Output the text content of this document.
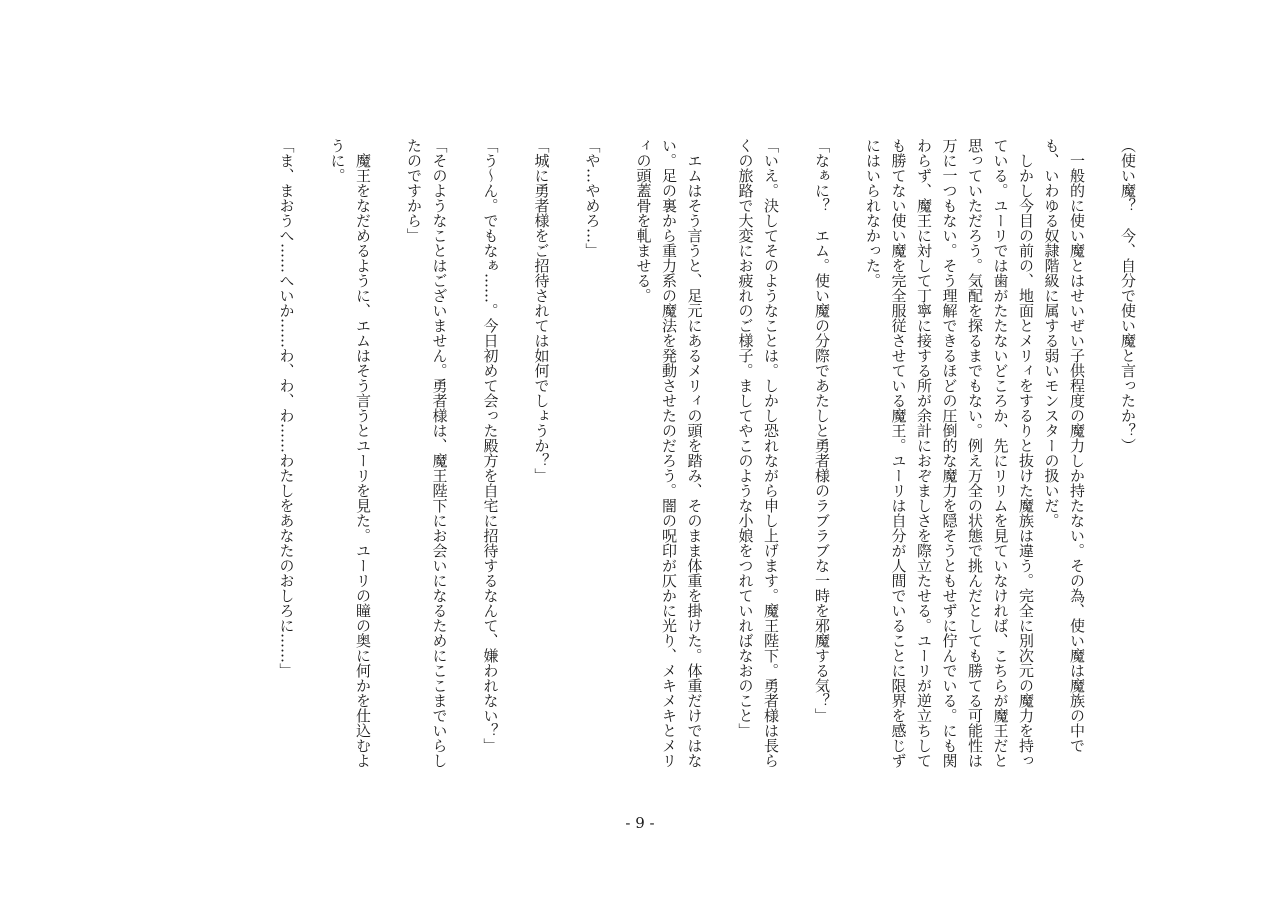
（使い魔？　今、自分で使い魔と言ったか？）

　一般的に使い魔とはせいぜい子供程度の魔力しか持たない。その為、使い魔は魔族の中でも、いわゆる奴隷階級に属する弱いモンスターの扱いだ。

　しかし今目の前の、地面とメリィをするりと抜けた魔族は違う。完全に別次元の魔力を持っている。ユーリでは歯がたたないどころか、先にリリムを見ていなければ、こちらが魔王だと思っていただろう。気配を探るまでもない。例え万全の状態で挑んだとしても勝てる可能性は万に一つもない。そう理解できるほどの圧倒的な魔力を隠そうともせずに佇んでいる。にも関わらず、魔王に対して丁寧に接する所が余計におぞましさを際立たせる。ユーリが逆立ちしても勝てない使い魔を完全服従させている魔王。ユーリは自分が人間でいることに限界を感じずにはいられなかった。

「なぁに？　エム。使い魔の分際であたしと勇者様のラブラブな一時を邪魔する気？」

「いえ。決してそのようなことは。しかし恐れながら申し上げます。魔王陛下。勇者様は長らくの旅路で大変にお疲れのご様子。ましてやこのような小娘をつれていればなおのこと」

　エムはそう言うと、足元にあるメリィの頭を踏み、そのまま体重を掛けた。体重だけではない。足の裏から重力系の魔法を発動させたのだろう。闇の呪印が仄かに光り、メキメキとメリィの頭蓋骨を軋ませる。

「や…やめろ…」

「城に勇者様をご招待されては如何でしょうか？」

「う～ん。でもなぁ……。今日初めて会った殿方を自宅に招待するなんて、嫌われない？」

「そのようなことはございません。勇者様は、魔王陛下にお会いになるためにここまでいらしたのですから」

　魔王をなだめるように、エムはそう言うとユーリを見た。ユーリの瞳の奥に何かを仕込むように。

「ま、まおうへ……へいか……わ、わ、わ……わたしをあなたのおしろに……」

- 9 -
